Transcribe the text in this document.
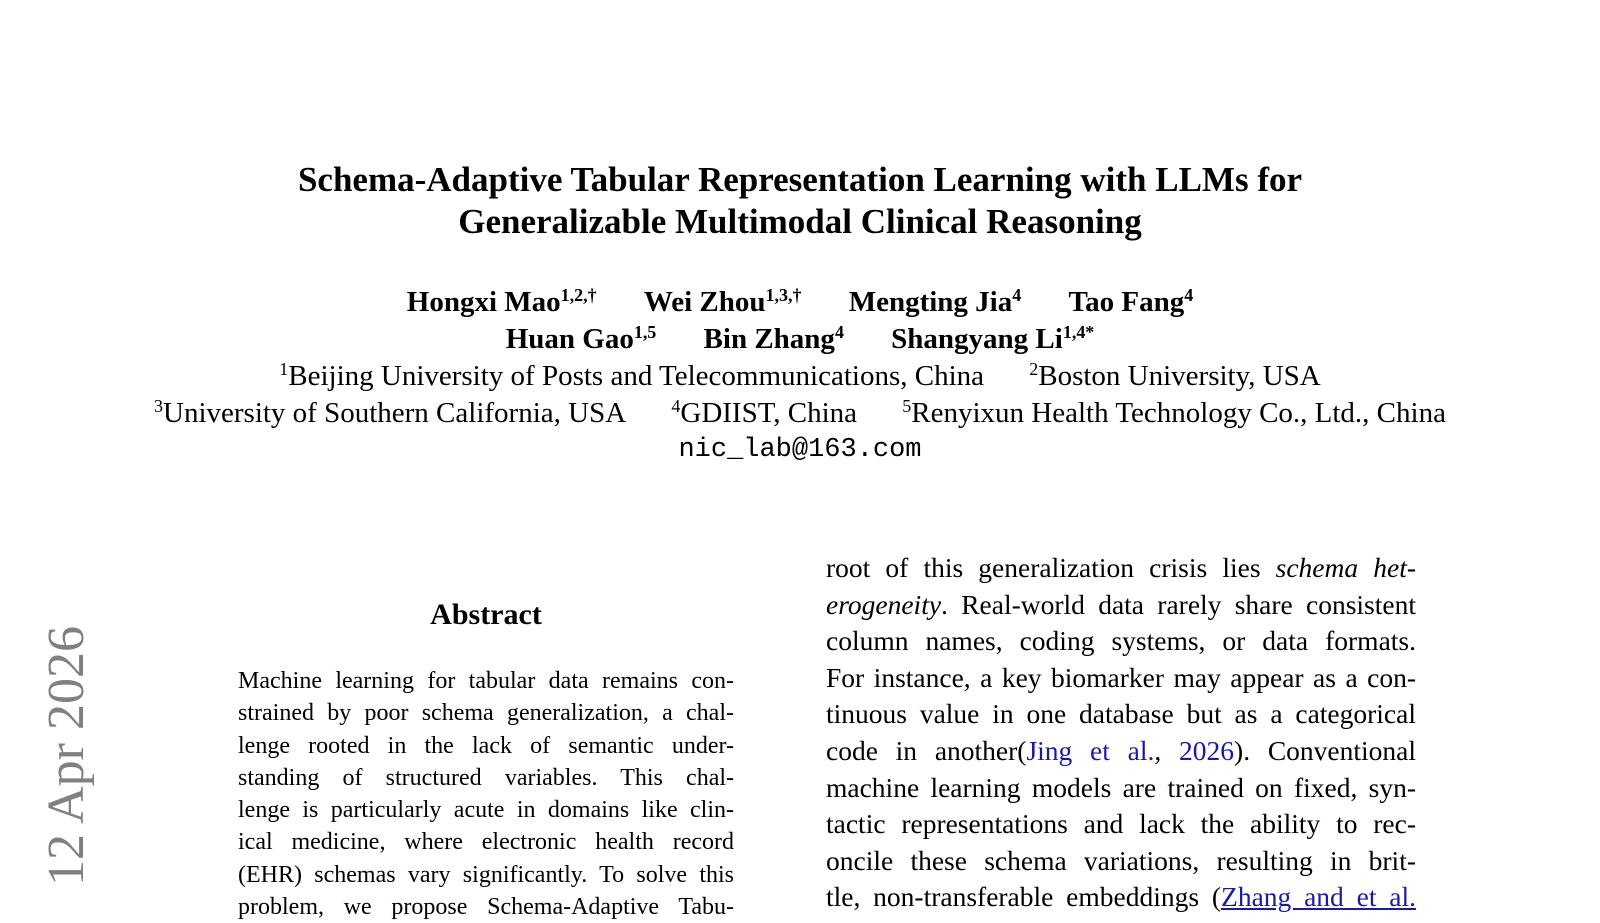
Schema-Adaptive Tabular Representation Learning with LLMs for
Generalizable Multimodal Clinical Reasoning
Hongxi Mao$^{1,2,\dagger}$ Wei Zhou$^{1,3,\dagger}$ Mengting Jia$^4$ Tao Fang$^4$
Huan Gao$^{1,5}$ Bin Zhang$^4$ Shangyang $Li^{1,4*}$
$^1$Beijing University of Posts and Telecommunications, China	$^2$Boston University, USA
$^3$University of Southern California, USA	$^4$GDIIST, China	$^5$Renyixun Health Technology Co., Ltd., China
nic_lab@163.com
12 Apr 2026
Abstract
Machine learning for tabular data remains con-
strained by poor schema generalization, a chal-
lenge rooted in the lack of semantic under-
standing of structured variables. This chal-
lenge is particularly acute in domains like clin-
ical medicine, where electronic health record
(EHR) schemas vary significantly. To solve this
problem, we propose Schema-Adaptive Tabu-
root of this generalization crisis lies schema het-
erogeneity. Real-world data rarely share consistent
column names, coding systems, or data formats.
For instance, a key biomarker may appear as a con-
tinuous value in one database but as a categorical
code in another(Jing et al., 2026). Conventional
machine learning models are trained on fixed, syn-
tactic representations and lack the ability to rec-
oncile these schema variations, resulting in brit-
tle, non-transferable embeddings (Zhang and et al.
